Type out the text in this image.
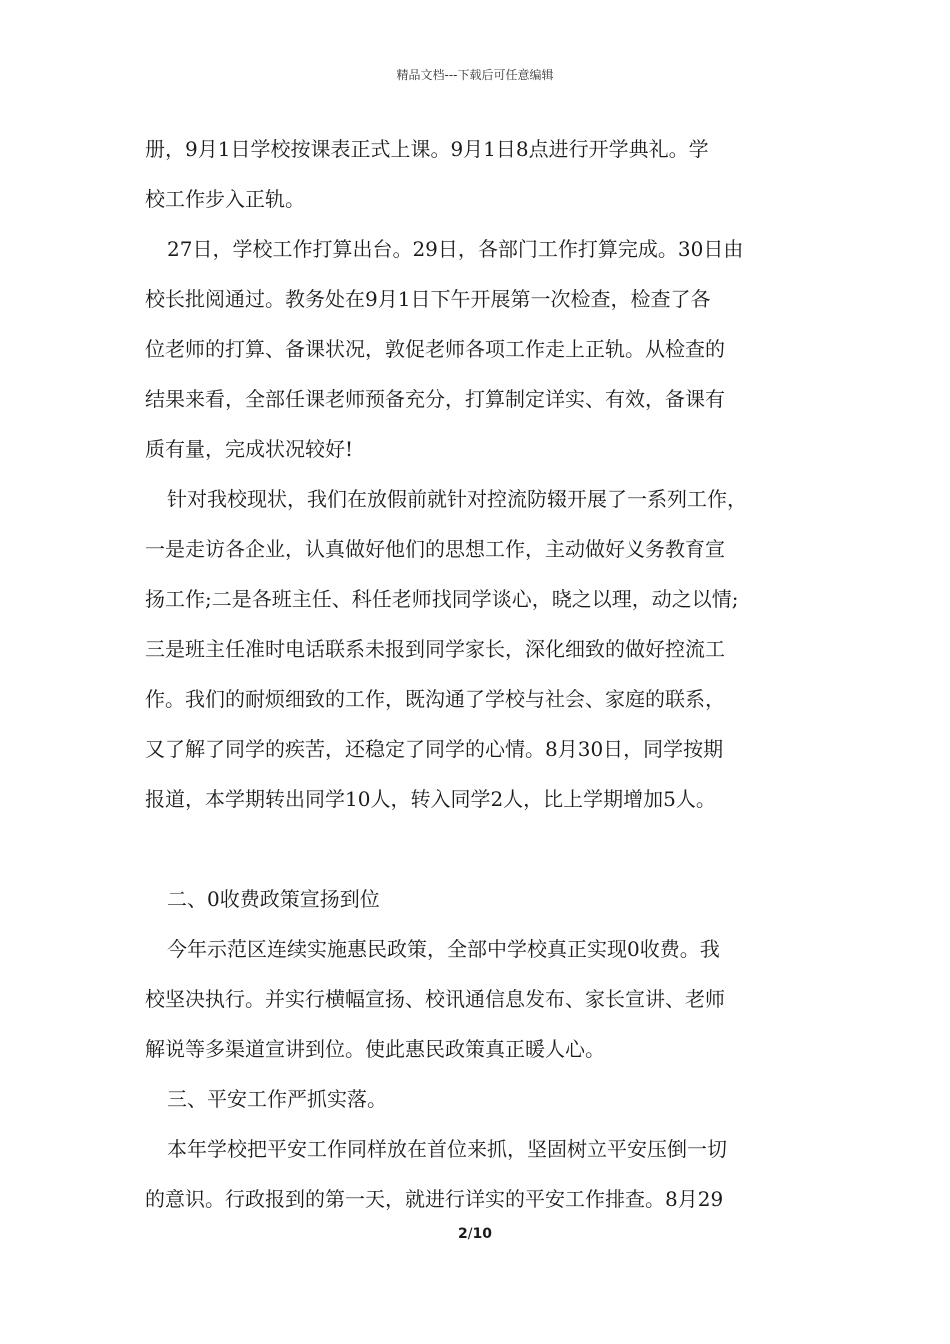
精品文档---下载后可任意编辑
册，9月1日学校按课表正式上课。9月1日8点进行开学典礼。学
校工作步入正轨。
27日，学校工作打算出台。29日，各部门工作打算完成。30日由
校长批阅通过。教务处在9月1日下午开展第一次检查，检查了各
位老师的打算、备课状况，敦促老师各项工作走上正轨。从检查的
结果来看，全部任课老师预备充分，打算制定详实、有效，备课有
质有量，完成状况较好!
针对我校现状，我们在放假前就针对控流防辍开展了一系列工作，
一是走访各企业，认真做好他们的思想工作，主动做好义务教育宣
扬工作;二是各班主任、科任老师找同学谈心，晓之以理，动之以情;
三是班主任准时电话联系未报到同学家长，深化细致的做好控流工
作。我们的耐烦细致的工作，既沟通了学校与社会、家庭的联系，
又了解了同学的疾苦，还稳定了同学的心情。8月30日，同学按期
报道，本学期转出同学10人，转入同学2人，比上学期增加5人。
二、0收费政策宣扬到位
今年示范区连续实施惠民政策，全部中学校真正实现0收费。我
校坚决执行。并实行横幅宣扬、校讯通信息发布、家长宣讲、老师
解说等多渠道宣讲到位。使此惠民政策真正暖人心。
三、平安工作严抓实落。
本年学校把平安工作同样放在首位来抓，坚固树立平安压倒一切
的意识。行政报到的第一天，就进行详实的平安工作排查。8月29
2/10
